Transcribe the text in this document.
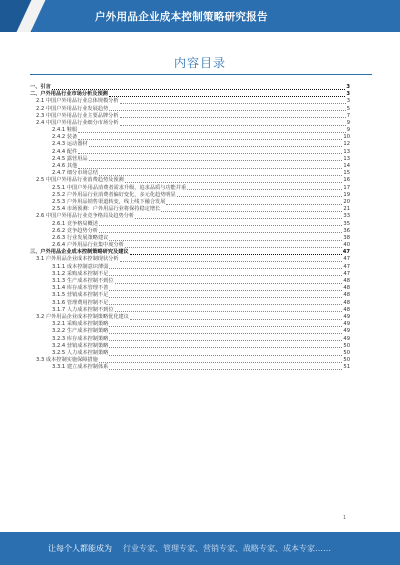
户外用品企业成本控制策略研究报告
内容目录
一、引言	3
二、户外用品行业市场分析及预测	3
2.1 中国户外用品行业总体规模分析	3
2.2 中国户外用品行业发展趋势	5
2.3 中国户外用品行业主要品牌分析	7
2.4 中国户外用品行业细分市场分析	9
2.4.1 鞋服	9
2.4.2 装备	10
2.4.3 运动器材	12
2.4.4 配件	13
2.4.5 露营用品	13
2.4.6 其他	14
2.4.7 细分市场总结	15
2.5 中国户外用品行业消费趋势及预测	16
2.5.1 中国户外用品消费者需求升级，追求品质与功能并重	17
2.5.2 户外用品行业消费者偏好变化，多元化趋势明显	19
2.5.3 户外用品销售渠道转变，线上线下融合发展	20
2.5.4 市场预测：户外用品行业将保持稳定增长	21
2.6 中国户外用品行业竞争格局及趋势分析	33
2.6.1 竞争格局概述	35
2.6.2 竞争趋势分析	36
2.6.3 行业发展策略建议	38
2.6.4 户外用品行业集中度分析	40
三、户外用品企业成本控制策略研究及建议	47
3.1 户外用品企业成本控制现状分析	47
3.1.1 成本控制意识薄弱	47
3.1.2 采购成本控制不足	47
3.1.3 生产成本控制不到位	48
3.1.4 库存成本管理不善	48
3.1.5 营销成本控制不足	48
3.1.6 管理费用控制不足	48
3.1.7 人力成本控制不到位	48
3.2 户外用品企业成本控制策略优化建议	49
3.2.1 采购成本控制策略	49
3.2.2 生产成本控制策略	49
3.2.3 库存成本控制策略	49
3.2.4 营销成本控制策略	50
3.2.5 人力成本控制策略	50
3.3 成本控制实施保障措施	50
3.3.1 建立成本控制体系	51
1
让每个人都能成为 行业专家、管理专家、营销专家、战略专家、成本专家……
